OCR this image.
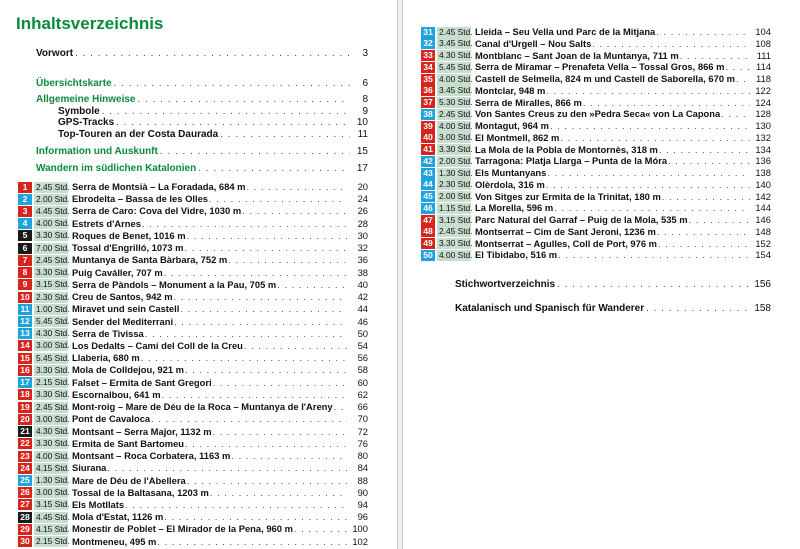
Inhaltsverzeichnis
Vorwort . . .	3
Übersichtskarte . . .	6
Allgemeine Hinweise . . .	8
Symbole . . .	9
GPS-Tracks . . .	10
Top-Touren an der Costa Daurada . . .	11
Information und Auskunft . . .	15
Wandern im südlichen Katalonien . . .	17
1	2.45 Std. Serra de Montsià – La Foradada, 684 m . . .	20
2	2.00 Std. Ebrodelta – Bassa de les Olles . . .	24
3	4.45 Std. Serra de Caro: Cova del Vidre, 1030 m . . .	26
4	4.00 Std. Estrets d'Arnes . . .	28
5	3.30 Std. Roques de Benet, 1016 m . . .	30
6	7.00 Std. Tossal d'Engrilló, 1073 m . . .	32
7	2.45 Std. Muntanya de Santa Bàrbara, 752 m . . .	36
8	3.30 Std. Puig Caváller, 707 m . . .	38
9	3.15 Std. Serra de Pàndols – Monument a la Pau, 705 m . . .	40
10 2.30 Std. Creu de Santos, 942 m . . .	42
11 1.00 Std. Miravet und sein Castell . . .	44
12 5.45 Std. Sender del Mediterrani . . .	46
13 4.30 Std. Serra de Tivissa . . .	50
14 3.00 Std. Los Dedalts – Camí del Coll de la Creu . . .	54
15 5.45 Std. Llaberia, 680 m . . .	56
16 3.30 Std. Mola de Colldejou, 921 m . . .	58
17 2.15 Std. Falset – Ermita de Sant Gregori . . .	60
18 3.30 Std. Escornalbou, 641 m . . .	62
19 2.45 Std. Mont-roig – Mare de Déu de la Roca – Muntanya de l'Areny . . .	66
20 3.00 Std. Pont de Cavaloca . . .	70
21 4.30 Std. Montsant – Serra Major, 1132 m . . .	72
22 3.30 Std. Ermita de Sant Bartomeu . . .	76
23 4.00 Std. Montsant – Roca Corbatera, 1163 m . . .	80
24 4.15 Std. Siurana . . .	84
25 1.30 Std. Mare de Déu de l'Abellera . . .	88
26 3.00 Std. Tossal de la Baltasana, 1203 m . . .	90
27 3.15 Std. Els Motllats . . .	94
28 4.45 Std. Mola d'Estat, 1126 m . . .	96
29 4.15 Std. Monestir de Poblet – El Mirador de la Pena, 960 m . . .	100
30 2.15 Std. Montmeneu, 495 m . . .	102
31 2.45 Std. Lleida – Seu Vella und Parc de la Mitjana . . .	104
32 3.45 Std. Canal d'Urgell – Nou Salts . . .	108
33 4.30 Std. Montblanc – Sant Joan de la Muntanya, 711 m . . .	111
34 5.45 Std. Serra de Miramar – Prenafeta Vella – Tossal Gros, 866 m . . .	114
35 4.00 Std. Castell de Selmella, 824 m und Castell de Saborella, 670 m . . .	118
36 3.45 Std. Montclar, 948 m . . .	122
37 5.30 Std. Serra de Miralles, 866 m . . .	124
38 2.45 Std. Von Santes Creus zu den »Pedra Seca« von La Capona . . .	128
39 4.00 Std. Montagut, 964 m . . .	130
40 3.00 Std. El Montmell, 862 m . . .	132
41 3.30 Std. La Mola de la Pobla de Montornès, 318 m . . .	134
42 2.00 Std. Tarragona: Platja Llarga – Punta de la Móra . . .	136
43 1.30 Std. Els Muntanyans . . .	138
44 2.30 Std. Olèrdola, 316 m . . .	140
45 2.00 Std. Von Sitges zur Ermita de la Trinitat, 180 m . . .	142
46 1.15 Std. La Morella, 596 m . . .	144
47 3.15 Std. Parc Natural del Garraf – Puig de la Mola, 535 m . . .	146
48 2.45 Std. Montserrat – Cim de Sant Jeroni, 1236 m . . .	148
49 3.30 Std. Montserrat – Agulles, Coll de Port, 976 m . . .	152
50 4.00 Std. El Tibidabo, 516 m . . .	154
Stichwortverzeichnis . . .	156
Katalanisch und Spanisch für Wanderer . . .	158
